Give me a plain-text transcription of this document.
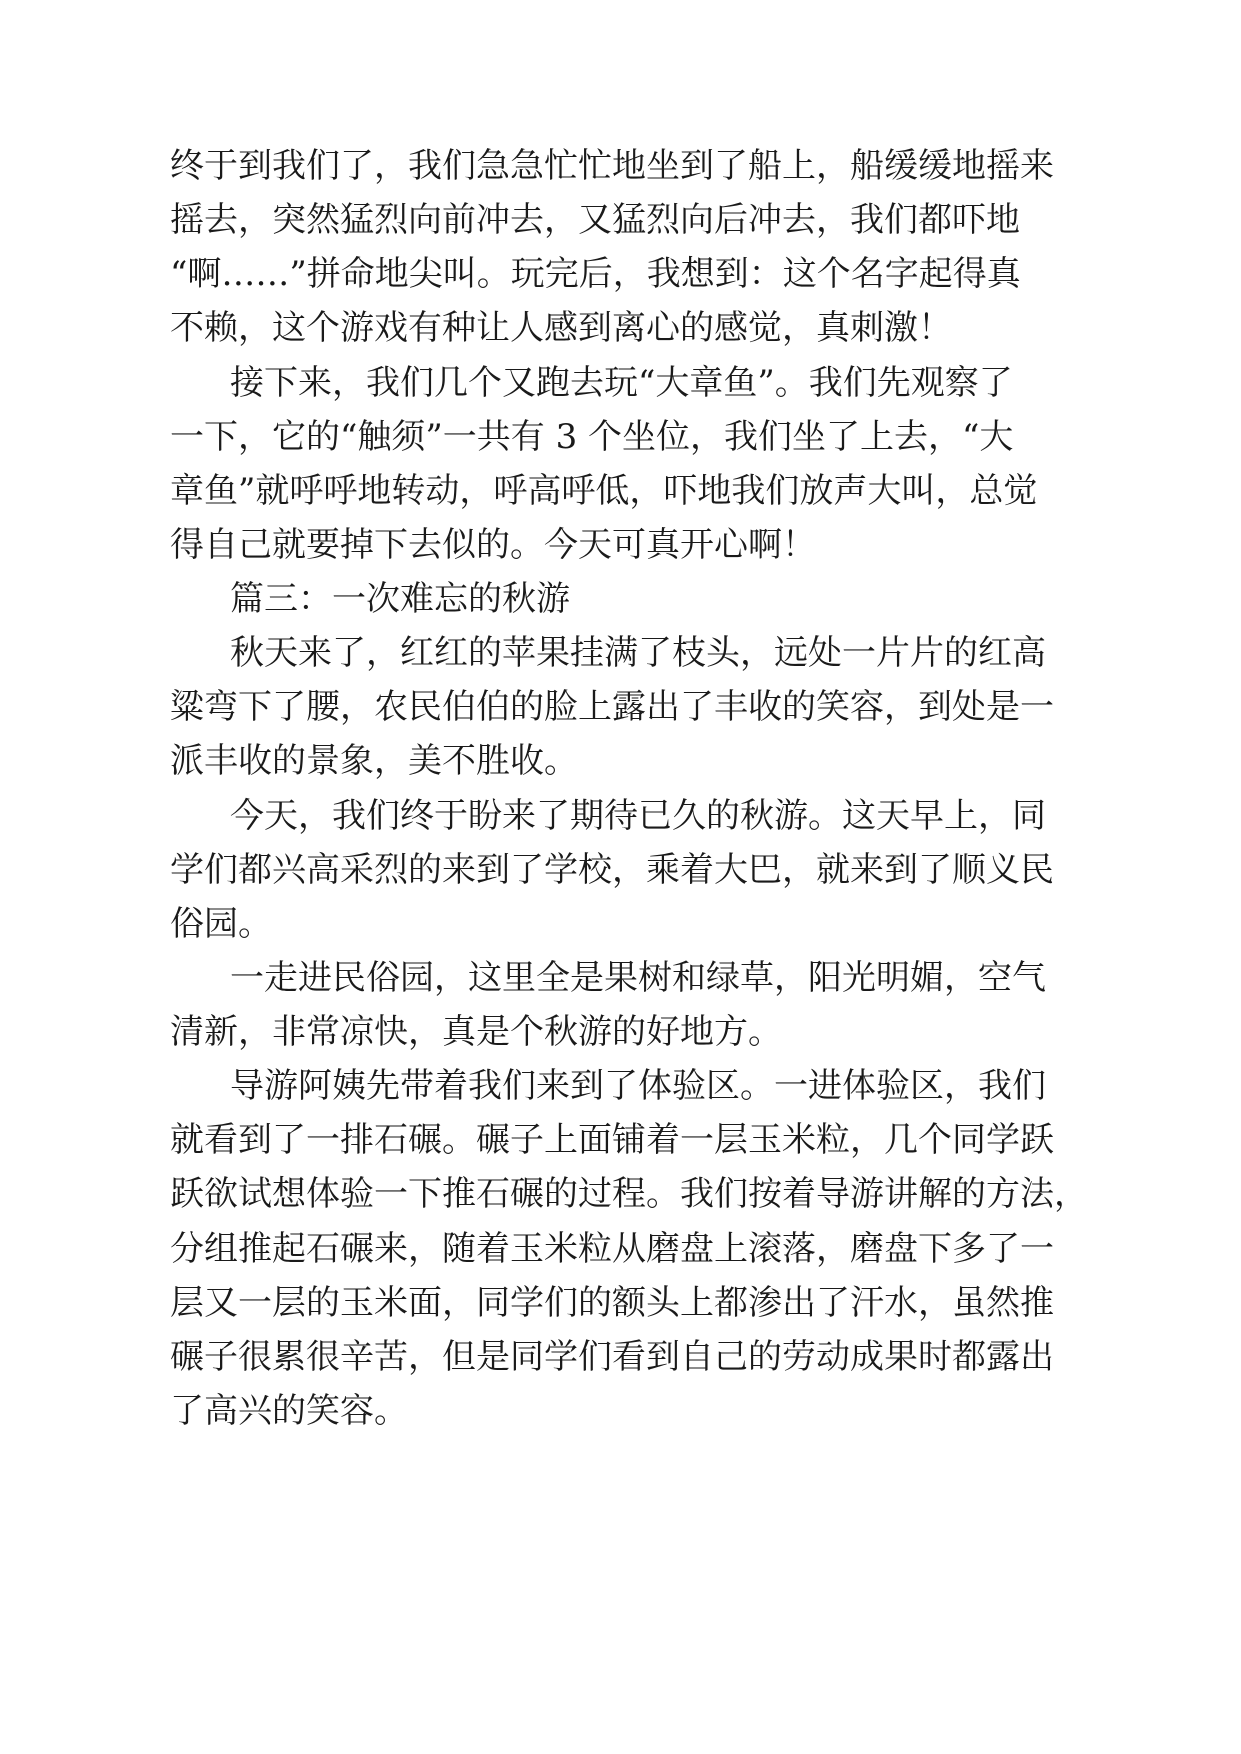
终于到我们了，我们急急忙忙地坐到了船上，船缓缓地摇来
摇去，突然猛烈向前冲去，又猛烈向后冲去，我们都吓地
“啊……”拼命地尖叫。玩完后，我想到：这个名字起得真
不赖，这个游戏有种让人感到离心的感觉，真刺激！
接下来，我们几个又跑去玩“大章鱼”。我们先观察了
一下，它的“触须”一共有 3 个坐位，我们坐了上去，“大
章鱼”就呼呼地转动，呼高呼低，吓地我们放声大叫，总觉
得自己就要掉下去似的。今天可真开心啊！
篇三：一次难忘的秋游
秋天来了，红红的苹果挂满了枝头，远处一片片的红高
粱弯下了腰，农民伯伯的脸上露出了丰收的笑容，到处是一
派丰收的景象，美不胜收。
今天，我们终于盼来了期待已久的秋游。这天早上，同
学们都兴高采烈的来到了学校，乘着大巴，就来到了顺义民
俗园。
一走进民俗园，这里全是果树和绿草，阳光明媚，空气
清新，非常凉快，真是个秋游的好地方。
导游阿姨先带着我们来到了体验区。一进体验区，我们
就看到了一排石碾。碾子上面铺着一层玉米粒，几个同学跃
跃欲试想体验一下推石碾的过程。我们按着导游讲解的方法，
分组推起石碾来，随着玉米粒从磨盘上滚落，磨盘下多了一
层又一层的玉米面，同学们的额头上都渗出了汗水，虽然推
碾子很累很辛苦，但是同学们看到自己的劳动成果时都露出
了高兴的笑容。
